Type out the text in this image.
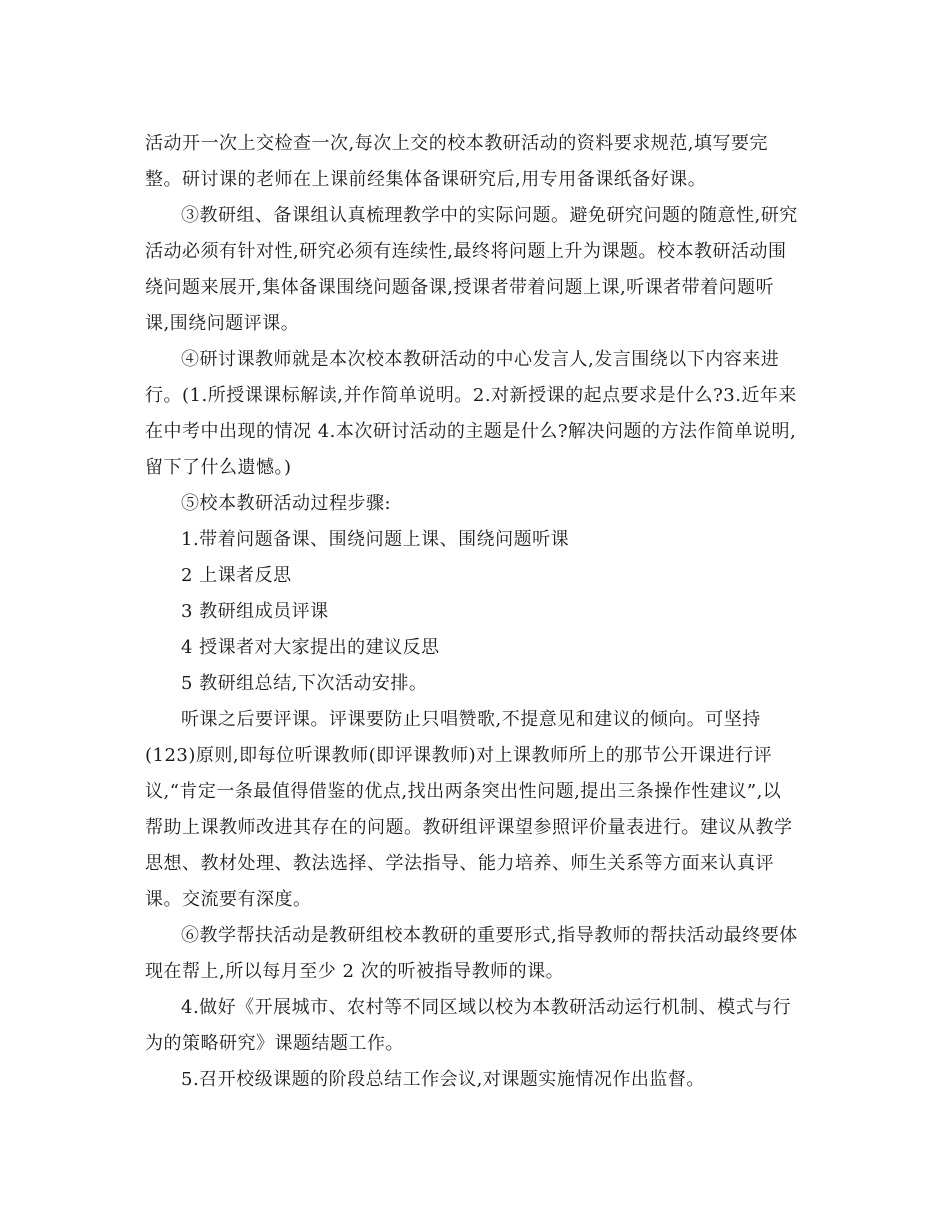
活动开一次上交检查一次,每次上交的校本教研活动的资料要求规范,填写要完
整。研讨课的老师在上课前经集体备课研究后,用专用备课纸备好课。
③教研组、备课组认真梳理教学中的实际问题。避免研究问题的随意性,研究
活动必须有针对性,研究必须有连续性,最终将问题上升为课题。校本教研活动围
绕问题来展开,集体备课围绕问题备课,授课者带着问题上课,听课者带着问题听
课,围绕问题评课。
④研讨课教师就是本次校本教研活动的中心发言人,发言围绕以下内容来进
行。(1.所授课课标解读,并作简单说明。2.对新授课的起点要求是什么?3.近年来
在中考中出现的情况 4.本次研讨活动的主题是什么?解决问题的方法作简单说明,
留下了什么遗憾。)
⑤校本教研活动过程步骤:
1.带着问题备课、围绕问题上课、围绕问题听课
2 上课者反思
3 教研组成员评课
4 授课者对大家提出的建议反思
5 教研组总结,下次活动安排。
听课之后要评课。评课要防止只唱赞歌,不提意见和建议的倾向。可坚持
(123)原则,即每位听课教师(即评课教师)对上课教师所上的那节公开课进行评
议,“肯定一条最值得借鉴的优点,找出两条突出性问题,提出三条操作性建议”,以
帮助上课教师改进其存在的问题。教研组评课望参照评价量表进行。建议从教学
思想、教材处理、教法选择、学法指导、能力培养、师生关系等方面来认真评
课。交流要有深度。
⑥教学帮扶活动是教研组校本教研的重要形式,指导教师的帮扶活动最终要体
现在帮上,所以每月至少 2 次的听被指导教师的课。
4.做好《开展城市、农村等不同区域以校为本教研活动运行机制、模式与行
为的策略研究》课题结题工作。
5.召开校级课题的阶段总结工作会议,对课题实施情况作出监督。
